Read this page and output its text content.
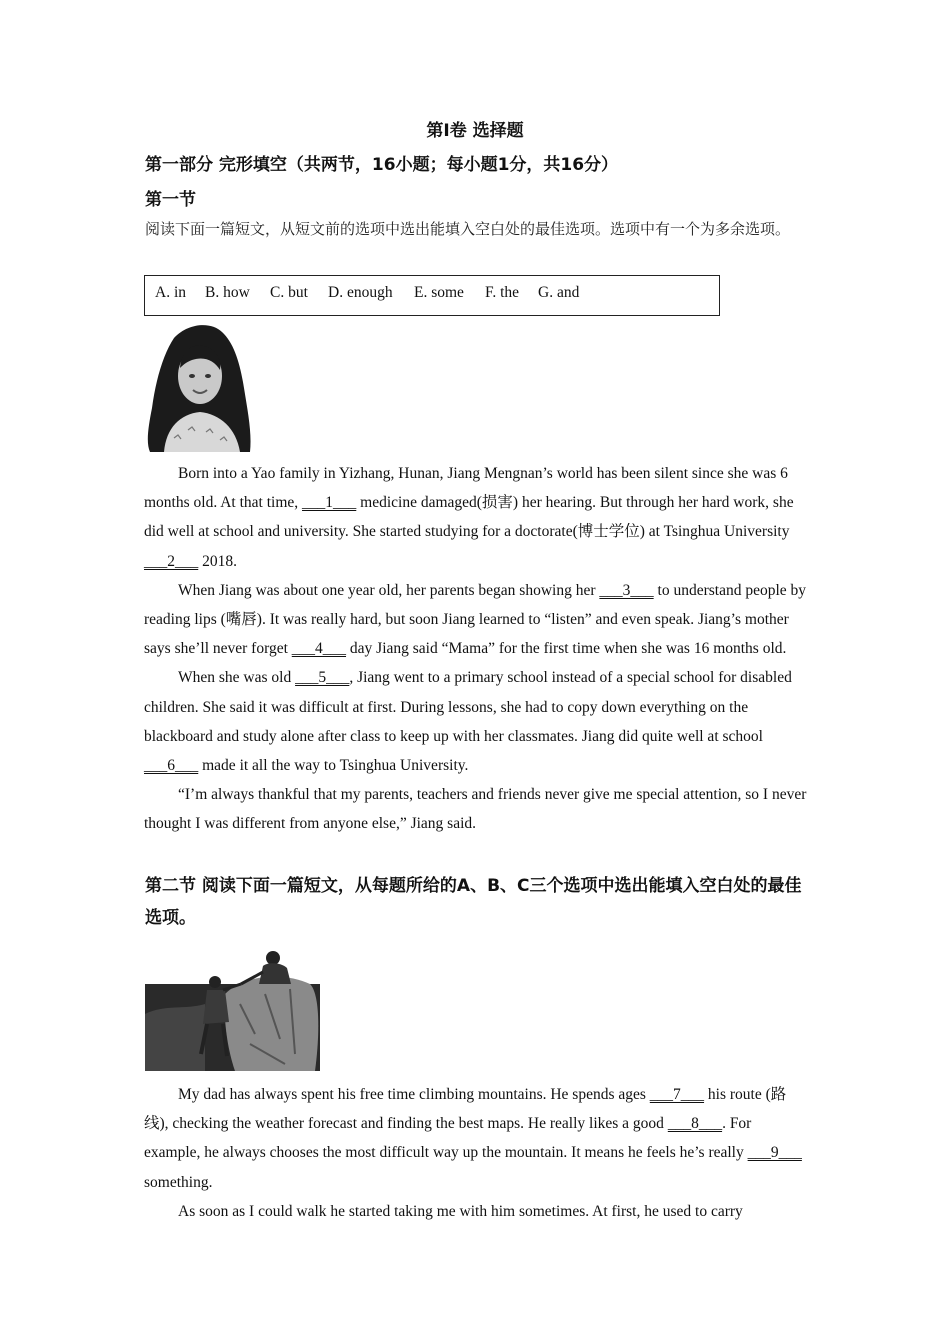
第Ⅰ卷 选择题
第一部分 完形填空（共两节，16小题；每小题1分，共16分）
第一节
阅读下面一篇短文，从短文前的选项中选出能填入空白处的最佳选项。选项中有一个为多余选项。
A. in B. how C. but D. enough E. some F. the G. and

Born into a Yao family in Yizhang, Hunan, Jiang Mengnan’s world has been silent since she was 6 months old. At that time, ___1___ medicine damaged(损害) her hearing. But through her hard work, she did well at school and university. She started studying for a doctorate(博士学位) at Tsinghua University ___2___ 2018.

When Jiang was about one year old, her parents began showing her ___3___ to understand people by reading lips (嘴唇). It was really hard, but soon Jiang learned to “listen” and even speak. Jiang’s mother says she’ll never forget ___4___ day Jiang said “Mama” for the first time when she was 16 months old.

When she was old ___5___, Jiang went to a primary school instead of a special school for disabled children. She said it was difficult at first. During lessons, she had to copy down everything on the blackboard and study alone after class to keep up with her classmates. Jiang did quite well at school ___6___ made it all the way to Tsinghua University.

“I’m always thankful that my parents, teachers and friends never give me special attention, so I never thought I was different from anyone else,” Jiang said.

第二节 阅读下面一篇短文，从每题所给的A、B、C三个选项中选出能填入空白处的最佳选项。

My dad has always spent his free time climbing mountains. He spends ages ___7___ his route (路线), checking the weather forecast and finding the best maps. He really likes a good ___8___. For example, he always chooses the most difficult way up the mountain. It means he feels he’s really ___9___ something.

As soon as I could walk he started taking me with him sometimes. At first, he used to carry
